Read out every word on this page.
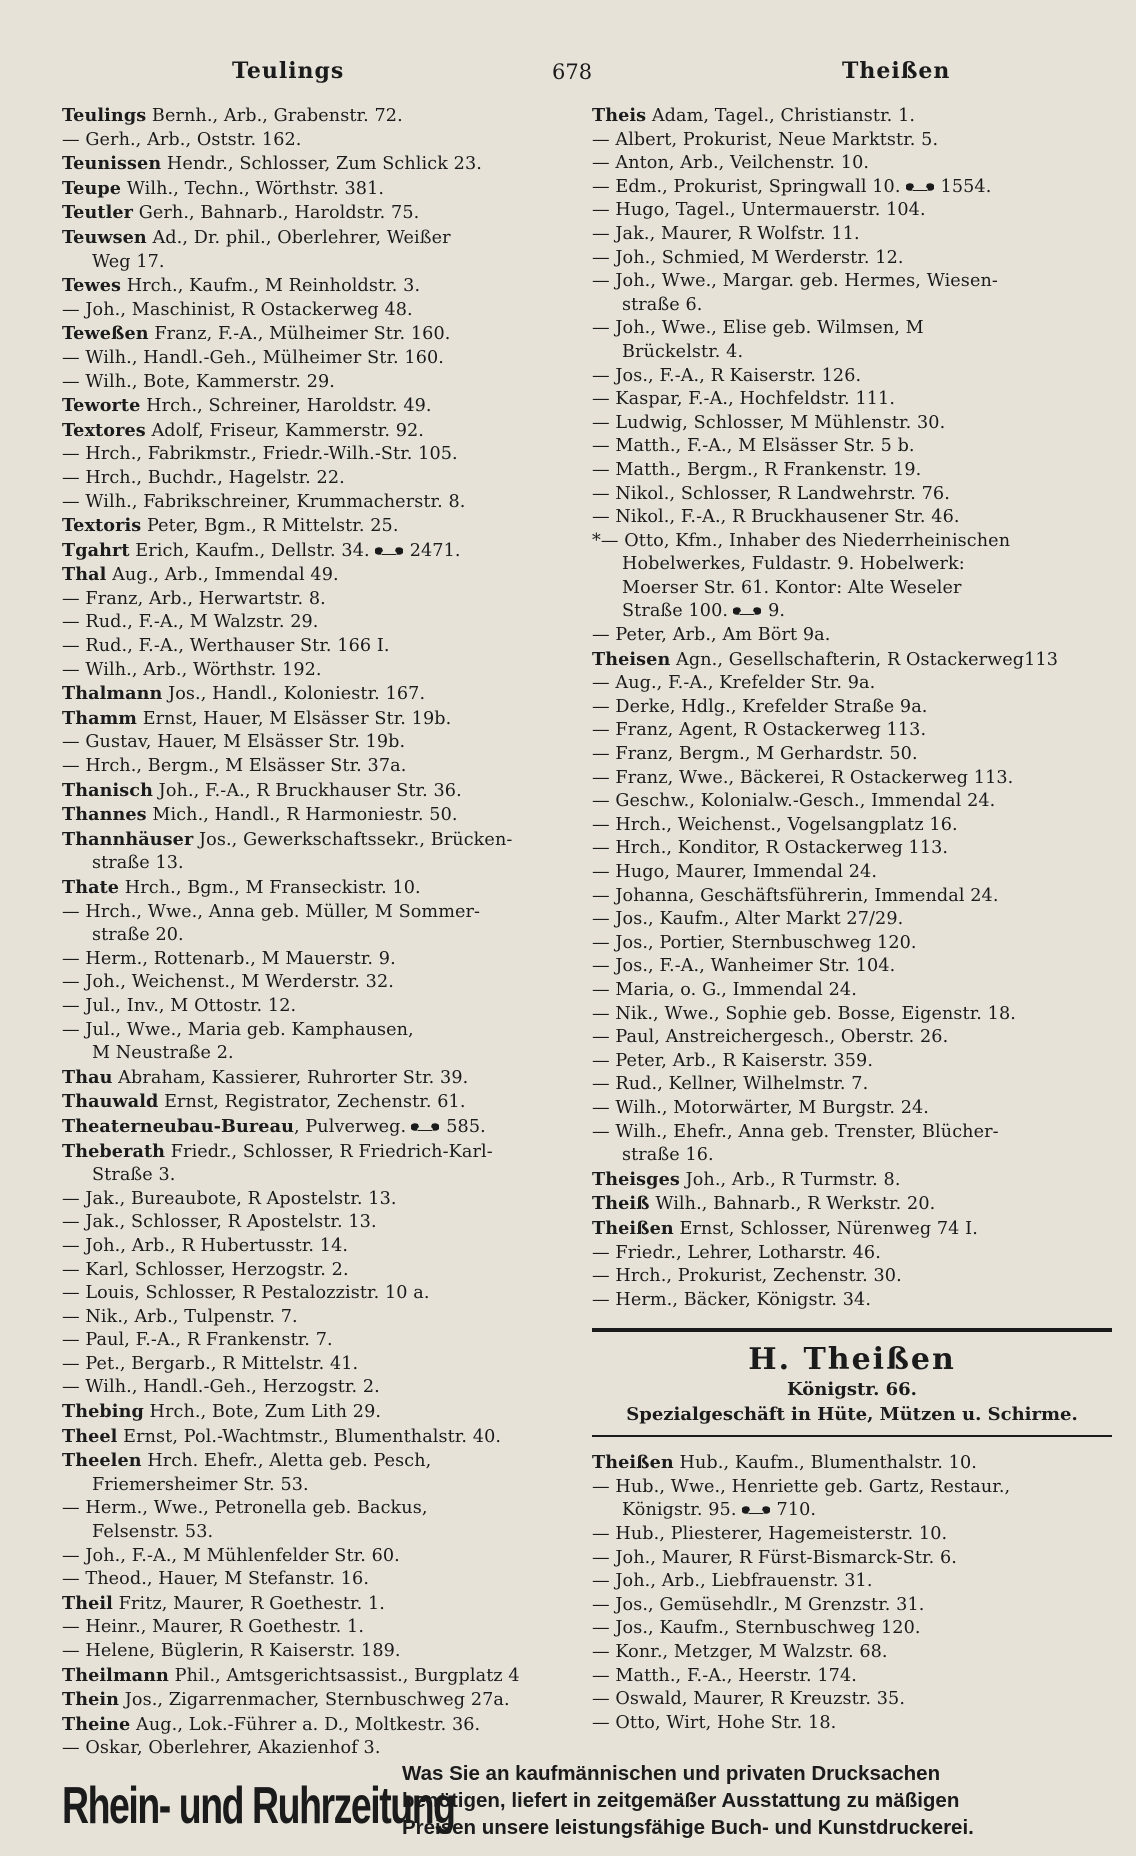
Teulings	678	Theißen
Teulings Bernh., Arb., Grabenstr. 72.
— Gerh., Arb., Oststr. 162.
Teunissen Hendr., Schlosser, Zum Schlick 23.
Teupe Wilh., Techn., Wörthstr. 381.
Teutler Gerh., Bahnarb., Haroldstr. 75.
Teuwsen Ad., Dr. phil., Oberlehrer, Weißer
Weg 17.
Tewes Hrch., Kaufm., M Reinholdstr. 3.
— Joh., Maschinist, R Ostackerweg 48.
Teweßen Franz, F.-A., Mülheimer Str. 160.
— Wilh., Handl.-Geh., Mülheimer Str. 160.
— Wilh., Bote, Kammerstr. 29.
Teworte Hrch., Schreiner, Haroldstr. 49.
Textores Adolf, Friseur, Kammerstr. 92.
— Hrch., Fabrikmstr., Friedr.-Wilh.-Str. 105.
— Hrch., Buchdr., Hagelstr. 22.
— Wilh., Fabrikschreiner, Krummacherstr. 8.
Textoris Peter, Bgm., R Mittelstr. 25.
Tgahrt Erich, Kaufm., Dellstr. 34. 2471.
Thal Aug., Arb., Immendal 49.
— Franz, Arb., Herwartstr. 8.
— Rud., F.-A., M Walzstr. 29.
— Rud., F.-A., Werthauser Str. 166 I.
— Wilh., Arb., Wörthstr. 192.
Thalmann Jos., Handl., Koloniestr. 167.
Thamm Ernst, Hauer, M Elsässer Str. 19b.
— Gustav, Hauer, M Elsässer Str. 19b.
— Hrch., Bergm., M Elsässer Str. 37a.
Thanisch Joh., F.-A., R Bruckhauser Str. 36.
Thannes Mich., Handl., R Harmoniestr. 50.
Thannhäuser Jos., Gewerkschaftssekr., Brücken-
straße 13.
Thate Hrch., Bgm., M Franseckistr. 10.
— Hrch., Wwe., Anna geb. Müller, M Sommer-
straße 20.
— Herm., Rottenarb., M Mauerstr. 9.
— Joh., Weichenst., M Werderstr. 32.
— Jul., Inv., M Ottostr. 12.
— Jul., Wwe., Maria geb. Kamphausen,
M Neustraße 2.
Thau Abraham, Kassierer, Ruhrorter Str. 39.
Thauwald Ernst, Registrator, Zechenstr. 61.
Theaterneubau-Bureau, Pulverweg. 585.
Theberath Friedr., Schlosser, R Friedrich-Karl-
Straße 3.
— Jak., Bureaubote, R Apostelstr. 13.
— Jak., Schlosser, R Apostelstr. 13.
— Joh., Arb., R Hubertusstr. 14.
— Karl, Schlosser, Herzogstr. 2.
— Louis, Schlosser, R Pestalozzistr. 10 a.
— Nik., Arb., Tulpenstr. 7.
— Paul, F.-A., R Frankenstr. 7.
— Pet., Bergarb., R Mittelstr. 41.
— Wilh., Handl.-Geh., Herzogstr. 2.
Thebing Hrch., Bote, Zum Lith 29.
Theel Ernst, Pol.-Wachtmstr., Blumenthalstr. 40.
Theelen Hrch. Ehefr., Aletta geb. Pesch,
Friemersheimer Str. 53.
— Herm., Wwe., Petronella geb. Backus,
Felsenstr. 53.
— Joh., F.-A., M Mühlenfelder Str. 60.
— Theod., Hauer, M Stefanstr. 16.
Theil Fritz, Maurer, R Goethestr. 1.
— Heinr., Maurer, R Goethestr. 1.
— Helene, Büglerin, R Kaiserstr. 189.
Theilmann Phil., Amtsgerichtsassist., Burgplatz 4
Thein Jos., Zigarrenmacher, Sternbuschweg 27a.
Theine Aug., Lok.-Führer a. D., Moltkestr. 36.
— Oskar, Oberlehrer, Akazienhof 3.
Theis Adam, Tagel., Christianstr. 1.
— Albert, Prokurist, Neue Marktstr. 5.
— Anton, Arb., Veilchenstr. 10.
— Edm., Prokurist, Springwall 10. 1554.
— Hugo, Tagel., Untermauerstr. 104.
— Jak., Maurer, R Wolfstr. 11.
— Joh., Schmied, M Werderstr. 12.
— Joh., Wwe., Margar. geb. Hermes, Wiesen-
straße 6.
— Joh., Wwe., Elise geb. Wilmsen, M
Brückelstr. 4.
— Jos., F.-A., R Kaiserstr. 126.
— Kaspar, F.-A., Hochfeldstr. 111.
— Ludwig, Schlosser, M Mühlenstr. 30.
— Matth., F.-A., M Elsässer Str. 5 b.
— Matth., Bergm., R Frankenstr. 19.
— Nikol., Schlosser, R Landwehrstr. 76.
— Nikol., F.-A., R Bruckhausener Str. 46.
*— Otto, Kfm., Inhaber des Niederrheinischen
Hobelwerkes, Fuldastr. 9. Hobelwerk:
Moerser Str. 61. Kontor: Alte Weseler
Straße 100. 9.
— Peter, Arb., Am Bört 9a.
Theisen Agn., Gesellschafterin, R Ostackerweg113
— Aug., F.-A., Krefelder Str. 9a.
— Derke, Hdlg., Krefelder Straße 9a.
— Franz, Agent, R Ostackerweg 113.
— Franz, Bergm., M Gerhardstr. 50.
— Franz, Wwe., Bäckerei, R Ostackerweg 113.
— Geschw., Kolonialw.-Gesch., Immendal 24.
— Hrch., Weichenst., Vogelsangplatz 16.
— Hrch., Konditor, R Ostackerweg 113.
— Hugo, Maurer, Immendal 24.
— Johanna, Geschäftsführerin, Immendal 24.
— Jos., Kaufm., Alter Markt 27/29.
— Jos., Portier, Sternbuschweg 120.
— Jos., F.-A., Wanheimer Str. 104.
— Maria, o. G., Immendal 24.
— Nik., Wwe., Sophie geb. Bosse, Eigenstr. 18.
— Paul, Anstreichergesch., Oberstr. 26.
— Peter, Arb., R Kaiserstr. 359.
— Rud., Kellner, Wilhelmstr. 7.
— Wilh., Motorwärter, M Burgstr. 24.
— Wilh., Ehefr., Anna geb. Trenster, Blücher-
straße 16.
Theisges Joh., Arb., R Turmstr. 8.
Theiß Wilh., Bahnarb., R Werkstr. 20.
Theißen Ernst, Schlosser, Nürenweg 74 I.
— Friedr., Lehrer, Lotharstr. 46.
— Hrch., Prokurist, Zechenstr. 30.
— Herm., Bäcker, Königstr. 34.
H. Theißen
Königstr. 66.
Spezialgeschäft in Hüte, Mützen u. Schirme.
Theißen Hub., Kaufm., Blumenthalstr. 10.
— Hub., Wwe., Henriette geb. Gartz, Restaur.,
Königstr. 95. 710.
— Hub., Pliesterer, Hagemeisterstr. 10.
— Joh., Maurer, R Fürst-Bismarck-Str. 6.
— Joh., Arb., Liebfrauenstr. 31.
— Jos., Gemüsehdlr., M Grenzstr. 31.
— Jos., Kaufm., Sternbuschweg 120.
— Konr., Metzger, M Walzstr. 68.
— Matth., F.-A., Heerstr. 174.
— Oswald, Maurer, R Kreuzstr. 35.
— Otto, Wirt, Hohe Str. 18.
Rhein- und Ruhrzeitung
Was Sie an kaufmännischen und privaten Drucksachen
benötigen, liefert in zeitgemäßer Ausstattung zu mäßigen
Preisen unsere leistungsfähige Buch- und Kunstdruckerei.
